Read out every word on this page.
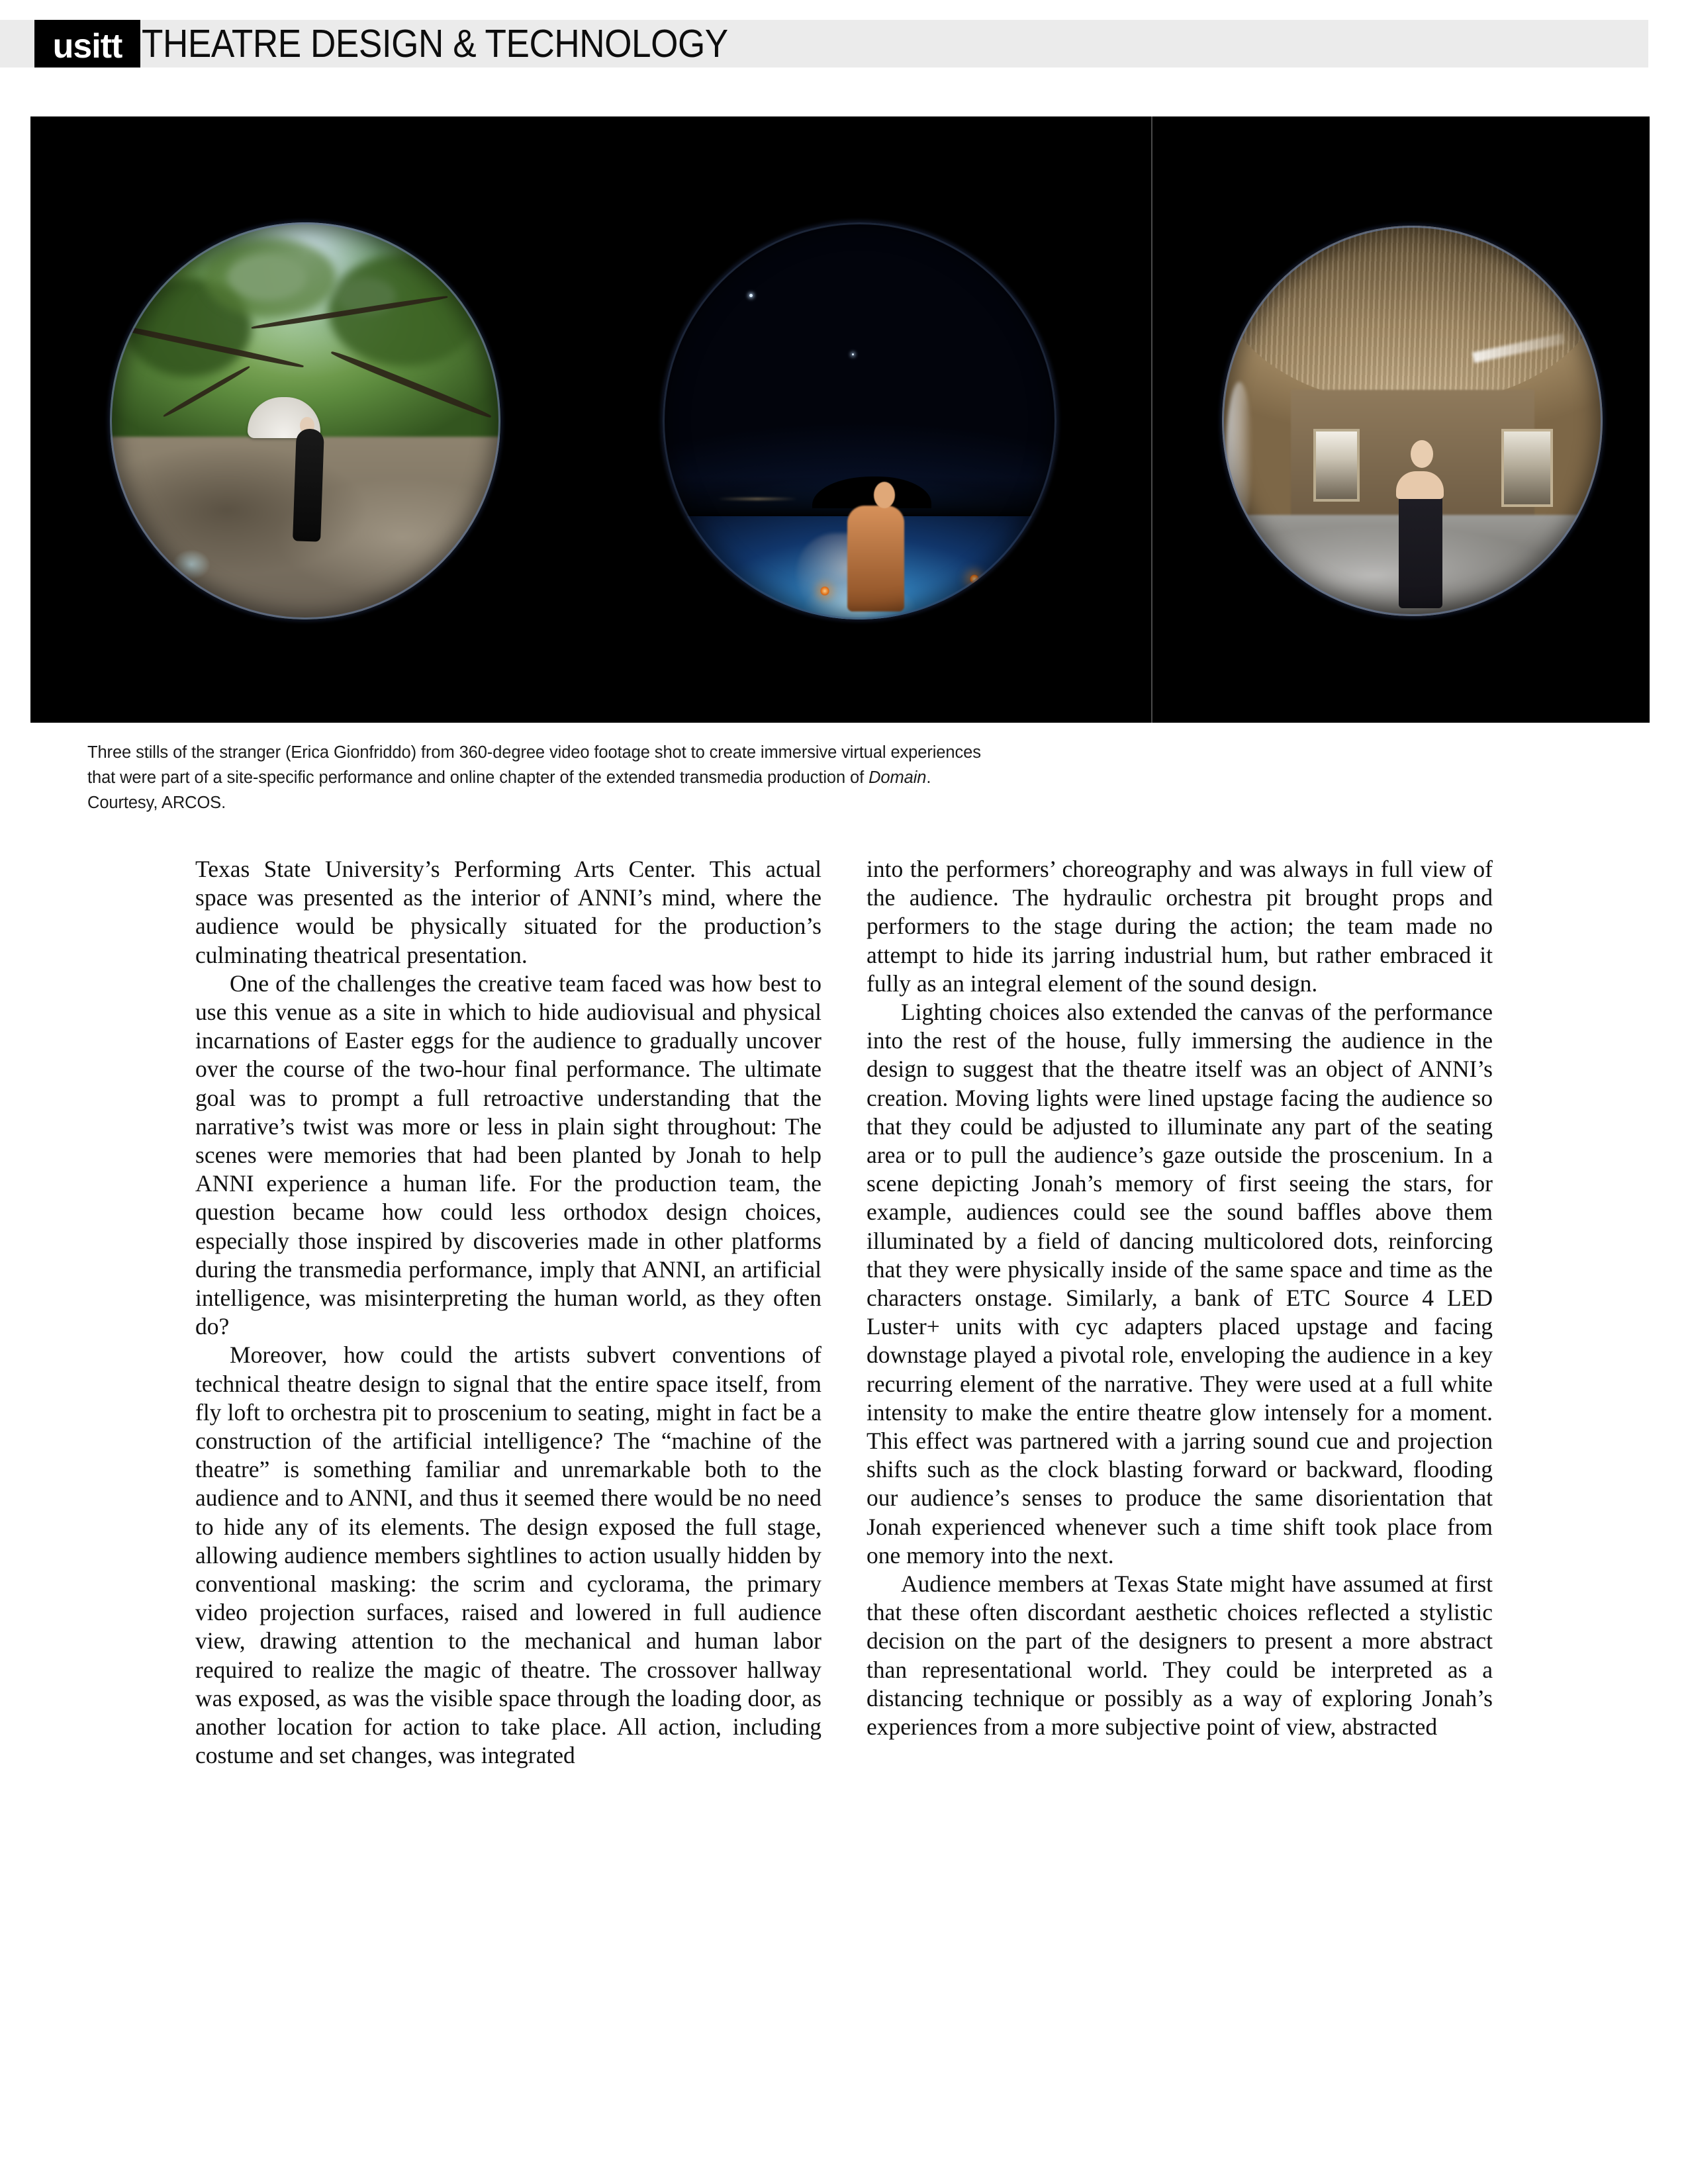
usitt THEATRE DESIGN & TECHNOLOGY
Three stills of the stranger (Erica Gionfriddo) from 360-degree video footage shot to create immersive virtual experiences
that were part of a site-specific performance and online chapter of the extended transmedia production of Domain.
Courtesy, ARCOS.

Texas State University’s Performing Arts Center. This actual space was presented as the interior of ANNI’s mind, where the audience would be physically situated for the production’s culminating theatrical presentation.

One of the challenges the creative team faced was how best to use this venue as a site in which to hide audiovisual and physical incarnations of Easter eggs for the audience to gradually uncover over the course of the two-hour final performance. The ultimate goal was to prompt a full retroactive understanding that the narrative’s twist was more or less in plain sight throughout: The scenes were memories that had been planted by Jonah to help ANNI experience a human life. For the production team, the question became how could less orthodox design choices, especially those inspired by discoveries made in other platforms during the transmedia performance, imply that ANNI, an artificial intelligence, was misinterpreting the human world, as they often do?

Moreover, how could the artists subvert conventions of technical theatre design to signal that the entire space itself, from fly loft to orchestra pit to proscenium to seating, might in fact be a construction of the artificial intelligence? The “machine of the theatre” is something familiar and unremarkable both to the audience and to ANNI, and thus it seemed there would be no need to hide any of its elements. The design exposed the full stage, allowing audience members sightlines to action usually hidden by conventional masking: the scrim and cyclorama, the primary video projection surfaces, raised and lowered in full audience view, drawing attention to the mechanical and human labor required to realize the magic of theatre. The crossover hallway was exposed, as was the visible space through the loading door, as another location for action to take place. All action, including costume and set changes, was integrated

into the performers’ choreography and was always in full view of the audience. The hydraulic orchestra pit brought props and performers to the stage during the action; the team made no attempt to hide its jarring industrial hum, but rather embraced it fully as an integral element of the sound design.

Lighting choices also extended the canvas of the performance into the rest of the house, fully immersing the audience in the design to suggest that the theatre itself was an object of ANNI’s creation. Moving lights were lined upstage facing the audience so that they could be adjusted to illuminate any part of the seating area or to pull the audience’s gaze outside the proscenium. In a scene depicting Jonah’s memory of first seeing the stars, for example, audiences could see the sound baffles above them illuminated by a field of dancing multicolored dots, reinforcing that they were physically inside of the same space and time as the characters onstage. Similarly, a bank of ETC Source 4 LED Luster+ units with cyc adapters placed upstage and facing downstage played a pivotal role, enveloping the audience in a key recurring element of the narrative. They were used at a full white intensity to make the entire theatre glow intensely for a moment. This effect was partnered with a jarring sound cue and projection shifts such as the clock blasting forward or backward, flooding our audience’s senses to produce the same disorientation that Jonah experienced whenever such a time shift took place from one memory into the next.

Audience members at Texas State might have assumed at first that these often discordant aesthetic choices reflected a stylistic decision on the part of the designers to present a more abstract than representational world. They could be interpreted as a distancing technique or possibly as a way of exploring Jonah’s experiences from a more subjective point of view, abstracted
